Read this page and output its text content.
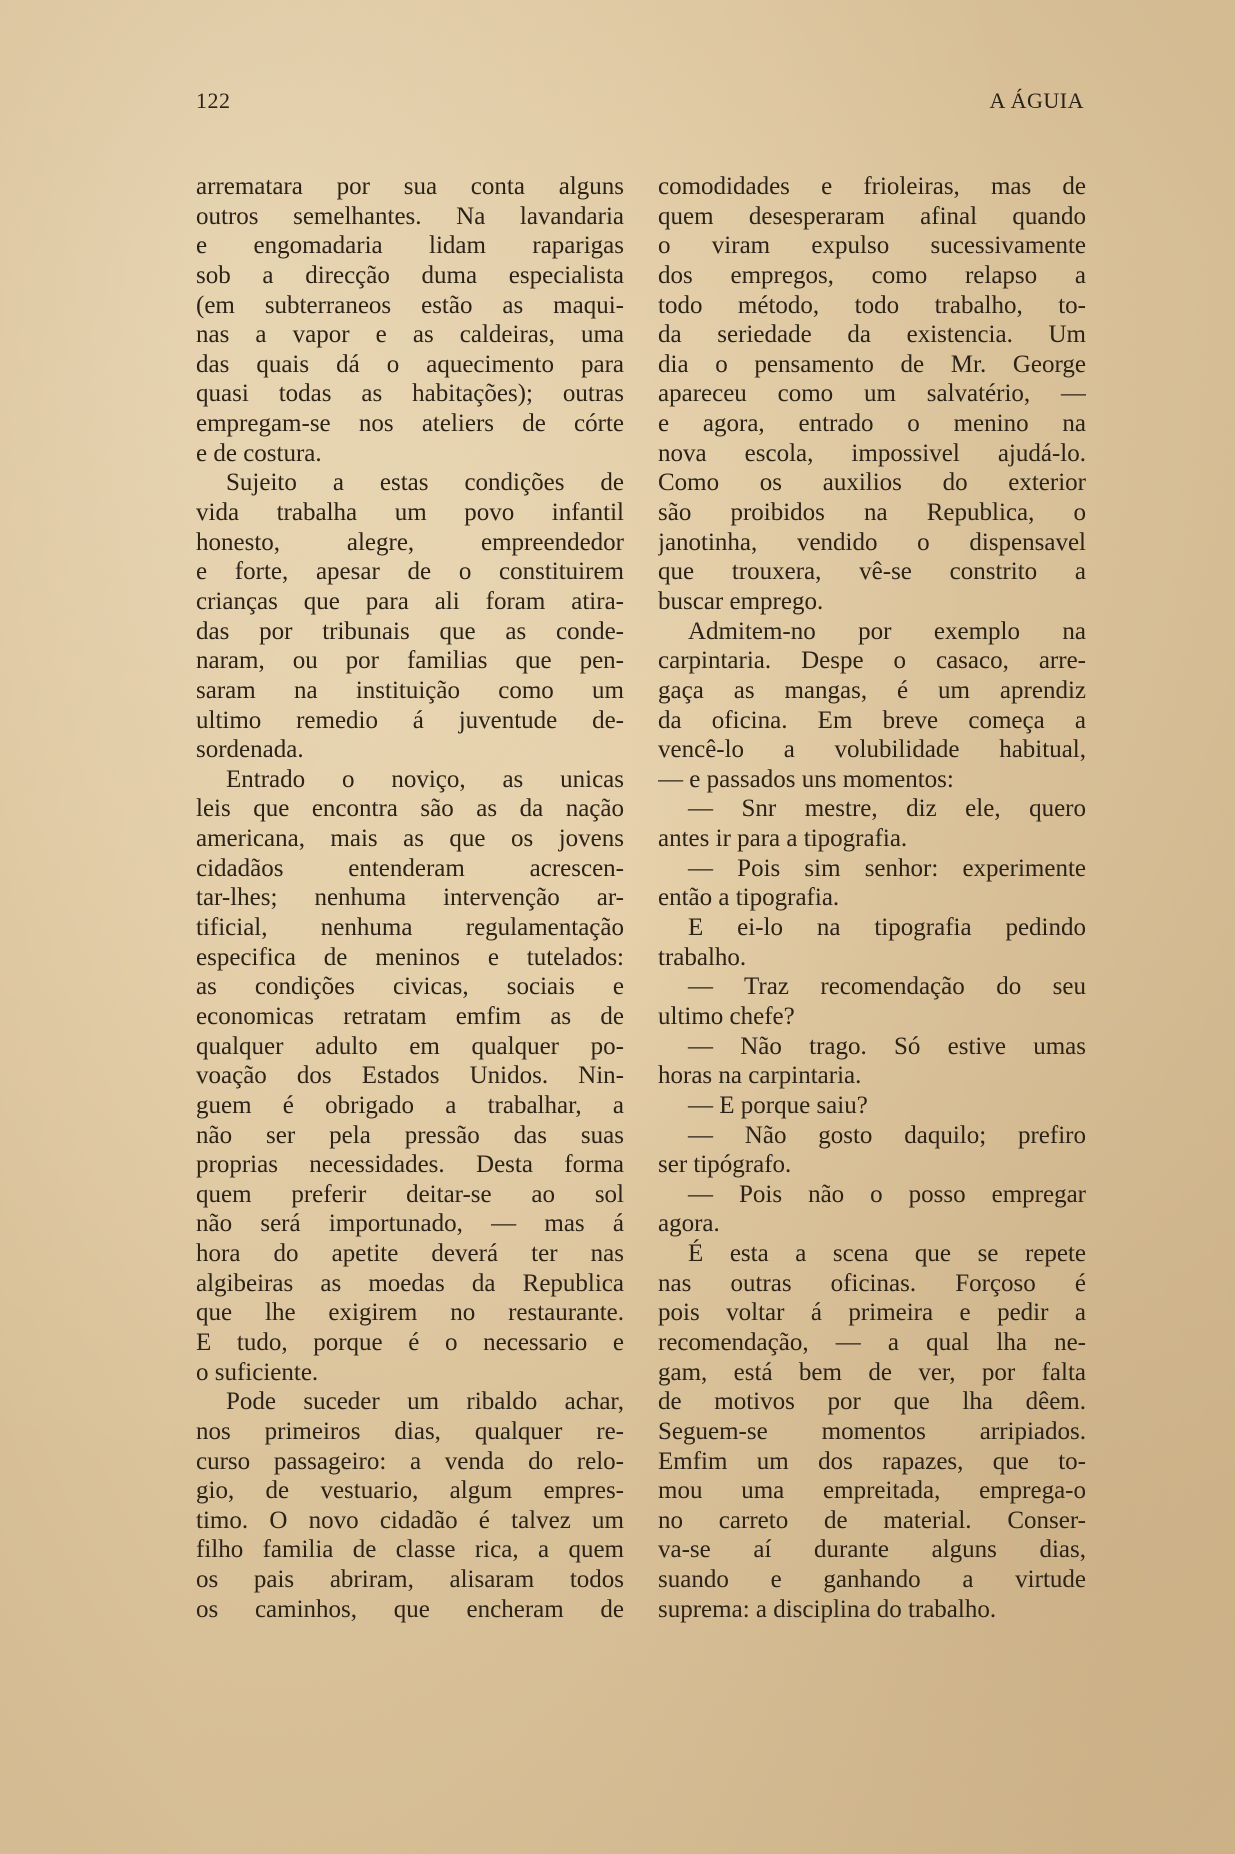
122	A ÁGUIA
arrematara por sua conta alguns
outros semelhantes. Na lavandaria
e engomadaria lidam raparigas
sob a direcção duma especialista
(em subterraneos estão as maqui-
nas a vapor e as caldeiras, uma
das quais dá o aquecimento para
quasi todas as habitações); outras
empregam-se nos ateliers de córte
e de costura.
Sujeito a estas condições de
vida trabalha um povo infantil
honesto, alegre, empreendedor
e forte, apesar de o constituirem
crianças que para ali foram atira-
das por tribunais que as conde-
naram, ou por familias que pen-
saram na instituição como um
ultimo remedio á juventude de-
sordenada.
Entrado o noviço, as unicas
leis que encontra são as da nação
americana, mais as que os jovens
cidadãos entenderam acrescen-
tar-lhes; nenhuma intervenção ar-
tificial, nenhuma regulamentação
especifica de meninos e tutelados:
as condições civicas, sociais e
economicas retratam emfim as de
qualquer adulto em qualquer po-
voação dos Estados Unidos. Nin-
guem é obrigado a trabalhar, a
não ser pela pressão das suas
proprias necessidades. Desta forma
quem preferir deitar-se ao sol
não será importunado, — mas á
hora do apetite deverá ter nas
algibeiras as moedas da Republica
que lhe exigirem no restaurante.
E tudo, porque é o necessario e
o suficiente.
Pode suceder um ribaldo achar,
nos primeiros dias, qualquer re-
curso passageiro: a venda do relo-
gio, de vestuario, algum empres-
timo. O novo cidadão é talvez um
filho familia de classe rica, a quem
os pais abriram, alisaram todos
os caminhos, que encheram de
comodidades e frioleiras, mas de
quem desesperaram afinal quando
o viram expulso sucessivamente
dos empregos, como relapso a
todo método, todo trabalho, to-
da seriedade da existencia. Um
dia o pensamento de Mr. George
apareceu como um salvatério, —
e agora, entrado o menino na
nova escola, impossivel ajudá-lo.
Como os auxilios do exterior
são proibidos na Republica, o
janotinha, vendido o dispensavel
que trouxera, vê-se constrito a
buscar emprego.
Admitem-no por exemplo na
carpintaria. Despe o casaco, arre-
gaça as mangas, é um aprendiz
da oficina. Em breve começa a
vencê-lo a volubilidade habitual,
— e passados uns momentos:
— Snr mestre, diz ele, quero
antes ir para a tipografia.
— Pois sim senhor: experimente
então a tipografia.
E ei-lo na tipografia pedindo
trabalho.
— Traz recomendação do seu
ultimo chefe?
— Não trago. Só estive umas
horas na carpintaria.
— E porque saiu?
— Não gosto daquilo; prefiro
ser tipógrafo.
— Pois não o posso empregar
agora.
É esta a scena que se repete
nas outras oficinas. Forçoso é
pois voltar á primeira e pedir a
recomendação, — a qual lha ne-
gam, está bem de ver, por falta
de motivos por que lha dêem.
Seguem-se momentos arripiados.
Emfim um dos rapazes, que to-
mou uma empreitada, emprega-o
no carreto de material. Conser-
va-se aí durante alguns dias,
suando e ganhando a virtude
suprema: a disciplina do trabalho.
